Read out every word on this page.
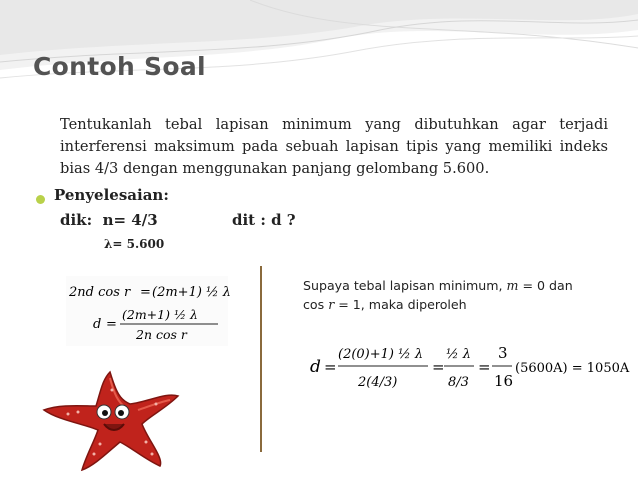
Contoh Soal
Tentukanlah tebal lapisan minimum yang dibutuhkan agar terjadi interferensi maksimum pada sebuah lapisan tipis yang memiliki indeks bias 4/3 dengan menggunakan panjang gelombang 5.600.
Penyelesaian:
dik: n= 4/3	dit : d ?
λ= 5.600
2nd cos r = (2m+1) ½ λ
d =
(2m+1) ½ λ
2n cos r
Supaya tebal lapisan minimum, m = 0 dan
cos r = 1, maka diperoleh
d =
(2(0)+1) ½ λ
2(4/3)
=
½ λ
8/3
=
3
16
(5600A) = 1050A
